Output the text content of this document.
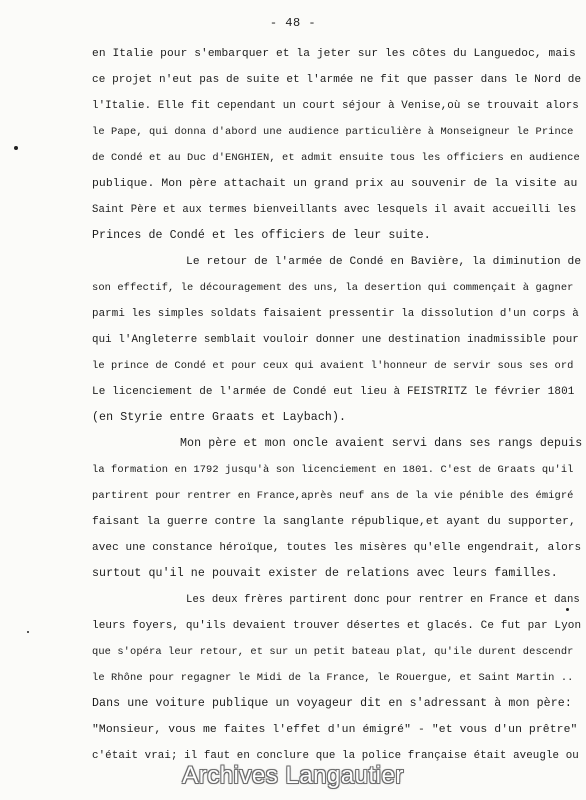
- 48 -
en Italie pour s'embarquer et la jeter sur les côtes du Languedoc, mais
ce projet n'eut pas de suite et l'armée ne fit que passer dans le Nord de
l'Italie. Elle fit cependant un court séjour à Venise,où se trouvait alors
le Pape, qui donna d'abord une audience particulière à Monseigneur le Prince
de Condé et au Duc d'ENGHIEN, et admit ensuite tous les officiers en audience
publique. Mon père attachait un grand prix au souvenir de la visite au
Saint Père et aux termes bienveillants avec lesquels il avait accueilli les
Princes de Condé et les officiers de leur suite.
Le retour de l'armée de Condé en Bavière, la diminution de
son effectif, le découragement des uns, la desertion qui commençait à gagner
parmi les simples soldats faisaient pressentir la dissolution d'un corps à
qui l'Angleterre semblait vouloir donner une destination inadmissible pour
le prince de Condé et pour ceux qui avaient l'honneur de servir sous ses ord
Le licenciement de l'armée de Condé eut lieu à FEISTRITZ le février 1801
(en Styrie entre Graats et Laybach).
Mon père et mon oncle avaient servi dans ses rangs depuis
la formation en 1792 jusqu'à son licenciement en 1801. C'est de Graats qu'il
partirent pour rentrer en France,après neuf ans de la vie pénible des émigré
faisant la guerre contre la sanglante république,et ayant du supporter,
avec une constance héroïque, toutes les misères qu'elle engendrait, alors
surtout qu'il ne pouvait exister de relations avec leurs familles.
Les deux frères partirent donc pour rentrer en France et dans
leurs foyers, qu'ils devaient trouver désertes et glacés. Ce fut par Lyon
que s'opéra leur retour, et sur un petit bateau plat, qu'ile durent descendr
le Rhône pour regagner le Midi de la France, le Rouergue, et Saint Martin ..
Dans une voiture publique un voyageur dit en s'adressant à mon père:
"Monsieur, vous me faites l'effet d'un émigré" - "et vous d'un prêtre"
c'était vrai; il faut en conclure que la police française était aveugle ou
Archives Langautier
